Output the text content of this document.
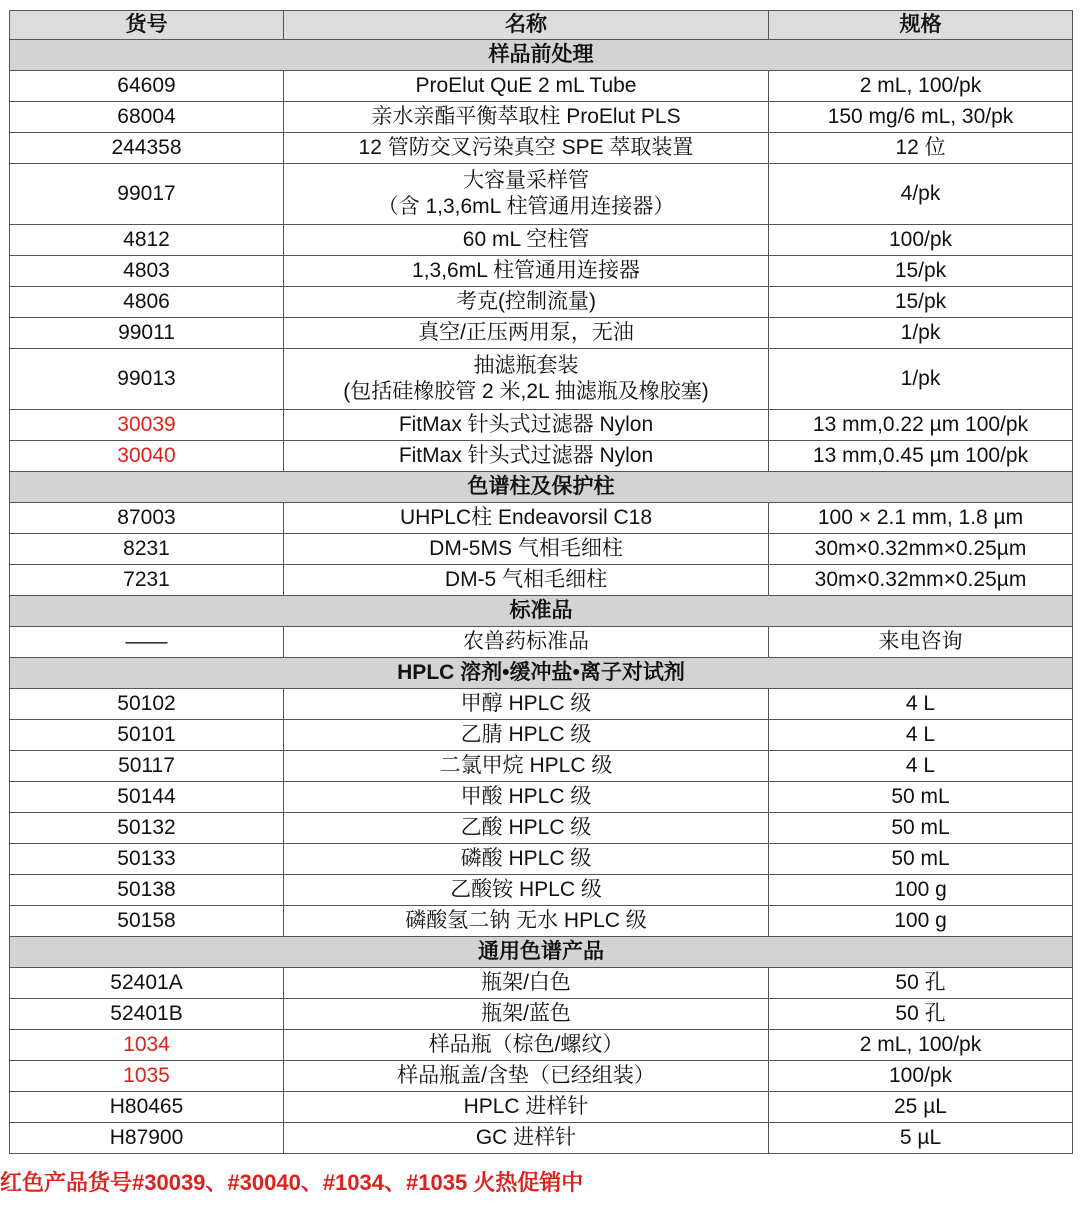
货号	名称	规格
样品前处理		
64609	ProElut QuE 2 mL Tube	2 mL, 100/pk
68004	亲水亲酯平衡萃取柱 ProElut PLS	150 mg/6 mL, 30/pk
244358	12 管防交叉污染真空 SPE 萃取装置	12 位
99017	大容量采样管
（含 1,3,6mL 柱管通用连接器）	4/pk
4812	60 mL 空柱管	100/pk
4803	1,3,6mL 柱管通用连接器	15/pk
4806	考克(控制流量)	15/pk
99011	真空/正压两用泵，无油	1/pk
99013	抽滤瓶套装
(包括硅橡胶管 2 米,2L 抽滤瓶及橡胶塞)	1/pk
30039	FitMax 针头式过滤器 Nylon	13 mm,0.22 µm 100/pk
30040	FitMax 针头式过滤器 Nylon	13 mm,0.45 µm 100/pk
色谱柱及保护柱		
87003	UHPLC柱 Endeavorsil C18	100 × 2.1 mm, 1.8 µm
8231	DM-5MS 气相毛细柱	30m×0.32mm×0.25µm
7231	DM-5 气相毛细柱	30m×0.32mm×0.25µm
标准品		
——	农兽药标准品	来电咨询
HPLC 溶剂•缓冲盐•离子对试剂		
50102	甲醇 HPLC 级	4 L
50101	乙腈 HPLC 级	4 L
50117	二氯甲烷 HPLC 级	4 L
50144	甲酸 HPLC 级	50 mL
50132	乙酸 HPLC 级	50 mL
50133	磷酸 HPLC 级	50 mL
50138	乙酸铵 HPLC 级	100 g
50158	磷酸氢二钠 无水 HPLC 级	100 g
通用色谱产品		
52401A	瓶架/白色	50 孔
52401B	瓶架/蓝色	50 孔
1034	样品瓶（棕色/螺纹）	2 mL, 100/pk
1035	样品瓶盖/含垫（已经组装）	100/pk
H80465	HPLC 进样针	25 µL
H87900	GC 进样针	5 µL
红色产品货号#30039、#30040、#1034、#1035 火热促销中
